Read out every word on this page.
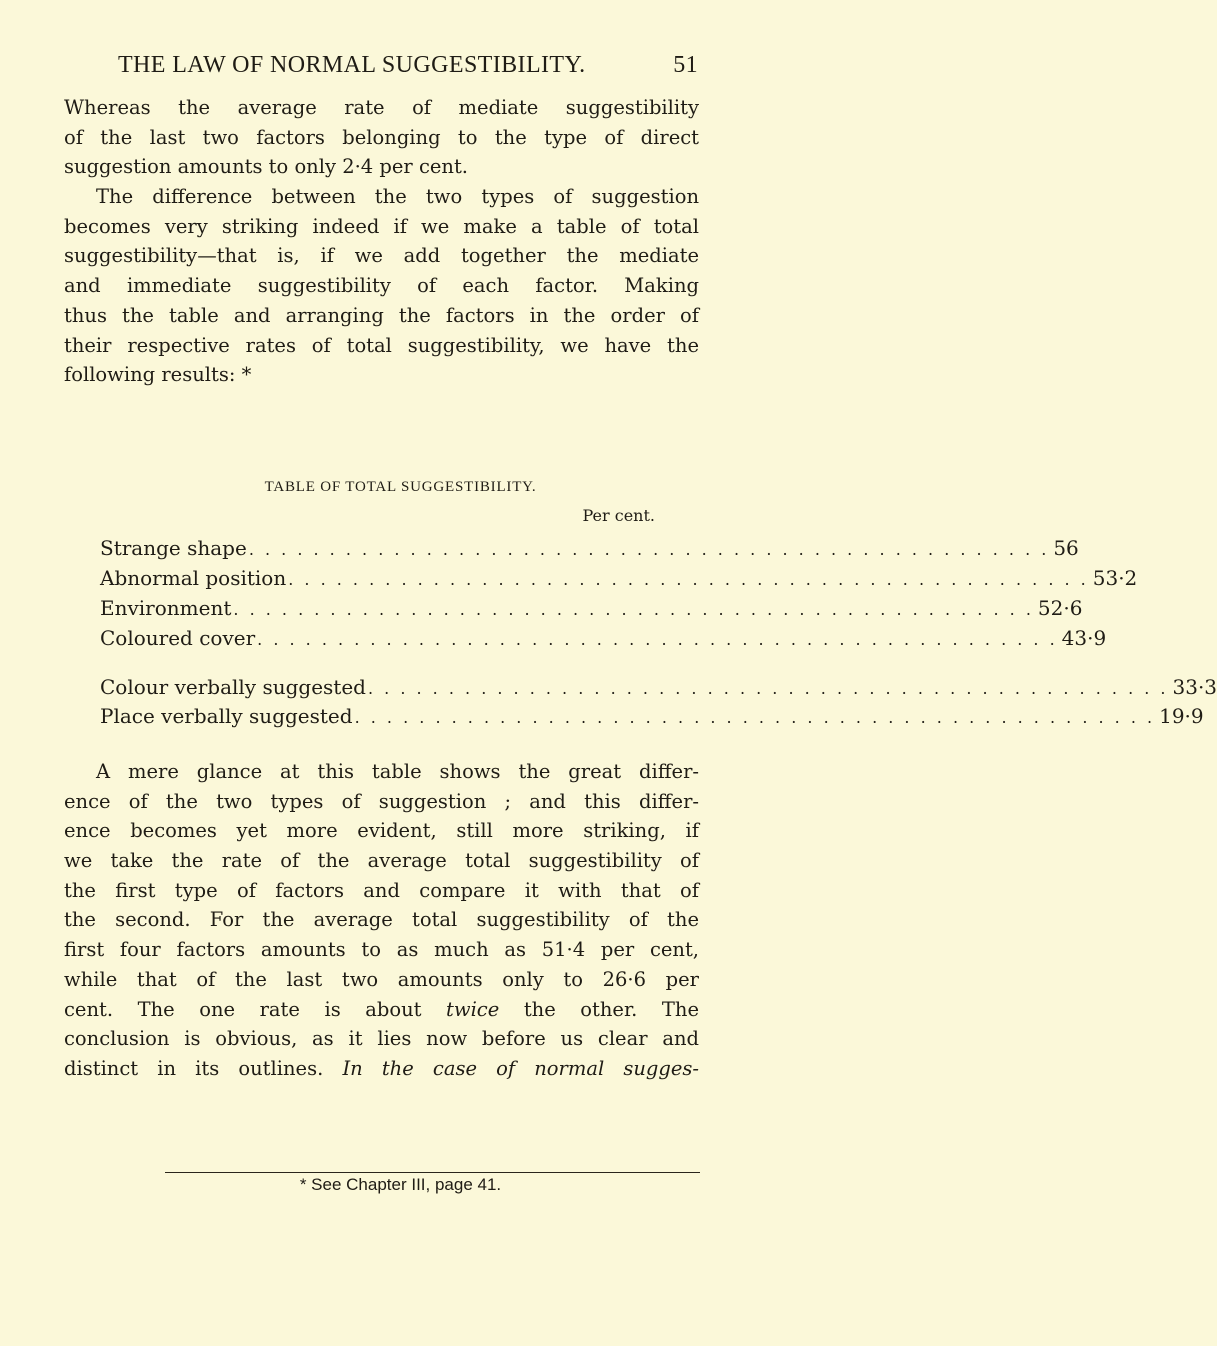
THE LAW OF NORMAL SUGGESTIBILITY.	51
Whereas the average rate of mediate suggestibility
of the last two factors belonging to the type of direct
suggestion amounts to only 2·4 per cent.
The difference between the two types of suggestion
becomes very striking indeed if we make a table of total
suggestibility—that is, if we add together the mediate
and immediate suggestibility of each factor. Making
thus the table and arranging the factors in the order of
their respective rates of total suggestibility, we have the
following results: *
TABLE OF TOTAL SUGGESTIBILITY.
Per cent.
Strange shape . . . . . . . . . . . . . . . . . . . . . . . . . . . . . . . . . . . . . . . . . . . . . . . . . . 56
Abnormal position . . . . . . . . . . . . . . . . . . . . . . . . . . . . . . . . . . . . . . . . . . . . . . . . . . 53·2
Environment . . . . . . . . . . . . . . . . . . . . . . . . . . . . . . . . . . . . . . . . . . . . . . . . . . 52·6
Coloured cover . . . . . . . . . . . . . . . . . . . . . . . . . . . . . . . . . . . . . . . . . . . . . . . . . . 43·9
Colour verbally suggested . . . . . . . . . . . . . . . . . . . . . . . . . . . . . . . . . . . . . . . . . . . . . . . . . . 33·3
Place verbally suggested . . . . . . . . . . . . . . . . . . . . . . . . . . . . . . . . . . . . . . . . . . . . . . . . . . 19·9
A mere glance at this table shows the great differ-
ence of the two types of suggestion ; and this differ-
ence becomes yet more evident, still more striking, if
we take the rate of the average total suggestibility of
the first type of factors and compare it with that of
the second. For the average total suggestibility of the
first four factors amounts to as much as 51·4 per cent,
while that of the last two amounts only to 26·6 per
cent. The one rate is about twice the other. The
conclusion is obvious, as it lies now before us clear and
distinct in its outlines. In the case of normal sugges-
* See Chapter III, page 41.
